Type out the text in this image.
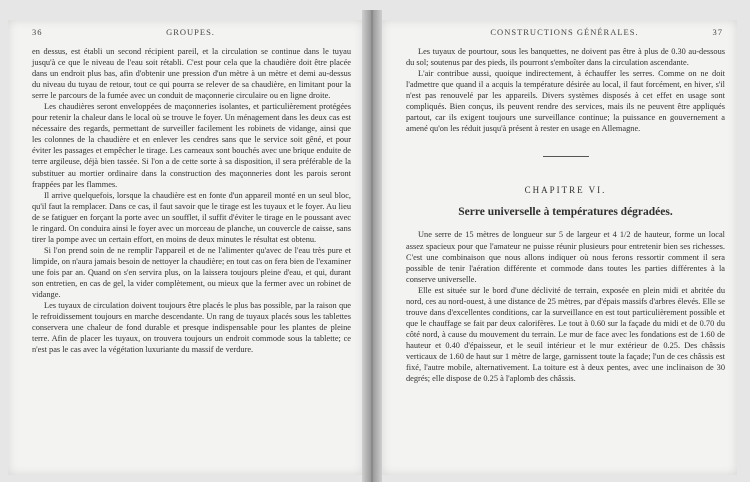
36	GROUPES.

en dessus, est établi un second récipient pareil, et la circulation se continue dans le tuyau jusqu'à ce que le niveau de l'eau soit rétabli. C'est pour cela que la chaudière doit être placée dans un endroit plus bas, afin d'obtenir une pression d'un mètre à un mètre et demi au-dessus du niveau du tuyau de retour, tout ce qui pourra se relever de sa chaudière, en limitant pour la serre le parcours de la fumée avec un conduit de maçonnerie circulaire ou en ligne droite.

Les chaudières seront enveloppées de maçonneries isolantes, et particulièrement protégées pour retenir la chaleur dans le local où se trouve le foyer. Un ménagement dans les deux cas est nécessaire des regards, permettant de surveiller facilement les robinets de vidange, ainsi que les colonnes de la chaudière et en enlever les cendres sans que le service soit gêné, et pour éviter les passages et empêcher le tirage. Les carneaux sont bouchés avec une brique enduite de terre argileuse, déjà bien tassée. Si l'on a de cette sorte à sa disposition, il sera préférable de la substituer au mortier ordinaire dans la construction des maçonneries dont les parois seront frappées par les flammes.

Il arrive quelquefois, lorsque la chaudière est en fonte d'un appareil monté en un seul bloc, qu'il faut la remplacer. Dans ce cas, il faut savoir que le tirage est les tuyaux et le foyer. Au lieu de se fatiguer en forçant la porte avec un soufflet, il suffit d'éviter le tirage en le poussant avec le ringard. On conduira ainsi le foyer avec un morceau de planche, un couvercle de caisse, sans tirer la pompe avec un certain effort, en moins de deux minutes le résultat est obtenu.

Si l'on prend soin de ne remplir l'appareil et de ne l'alimenter qu'avec de l'eau très pure et limpide, on n'aura jamais besoin de nettoyer la chaudière; en tout cas on fera bien de l'examiner une fois par an. Quand on s'en servira plus, on la laissera toujours pleine d'eau, et qui, durant son entretien, en cas de gel, la vider complètement, ou mieux que la fermer avec un robinet de vidange.

Les tuyaux de circulation doivent toujours être placés le plus bas possible, par la raison que le refroidissement toujours en marche descendante. Un rang de tuyaux placés sous les tablettes conservera une chaleur de fond durable et presque indispensable pour les plantes de pleine terre. Afin de placer les tuyaux, on trouvera toujours un endroit commode sous la tablette; ce n'est pas le cas avec la végétation luxuriante du massif de verdure.

CONSTRUCTIONS GÉNÉRALES.	37

Les tuyaux de pourtour, sous les banquettes, ne doivent pas être à plus de 0.30 au-dessous du sol; soutenus par des pieds, ils pourront s'emboîter dans la circulation ascendante.

L'air contribue aussi, quoique indirectement, à échauffer les serres. Comme on ne doit l'admettre que quand il a acquis la température désirée au local, il faut forcément, en hiver, s'il n'est pas renouvelé par les appareils. Divers systèmes disposés à cet effet en usage sont compliqués. Bien conçus, ils peuvent rendre des services, mais ils ne peuvent être appliqués partout, car ils exigent toujours une surveillance continue; la puissance en gouvernement a amené qu'on les réduit jusqu'à présent à rester en usage en Allemagne.

CHAPITRE VI.
Serre universelle à températures dégradées.

Une serre de 15 mètres de longueur sur 5 de largeur et 4 1/2 de hauteur, forme un local assez spacieux pour que l'amateur ne puisse réunir plusieurs pour entretenir bien ses richesses. C'est une combinaison que nous allons indiquer où nous ferons ressortir comment il sera possible de tenir l'aération différente et commode dans toutes les parties différentes à la conserve universelle.

Elle est située sur le bord d'une déclivité de terrain, exposée en plein midi et abritée du nord, ces au nord-ouest, à une distance de 25 mètres, par d'épais massifs d'arbres élevés. Elle se trouve dans d'excellentes conditions, car la surveillance en est tout particulièrement possible et que le chauffage se fait par deux calorifères. Le tout à 0.60 sur la façade du midi et de 0.70 du côté nord, à cause du mouvement du terrain. Le mur de face avec les fondations est de 1.60 de hauteur et 0.40 d'épaisseur, et le seuil intérieur et le mur extérieur de 0.25. Des châssis verticaux de 1.60 de haut sur 1 mètre de large, garnissent toute la façade; l'un de ces châssis est fixé, l'autre mobile, alternativement. La toiture est à deux pentes, avec une inclinaison de 30 degrés; elle dispose de 0.25 à l'aplomb des châssis.
